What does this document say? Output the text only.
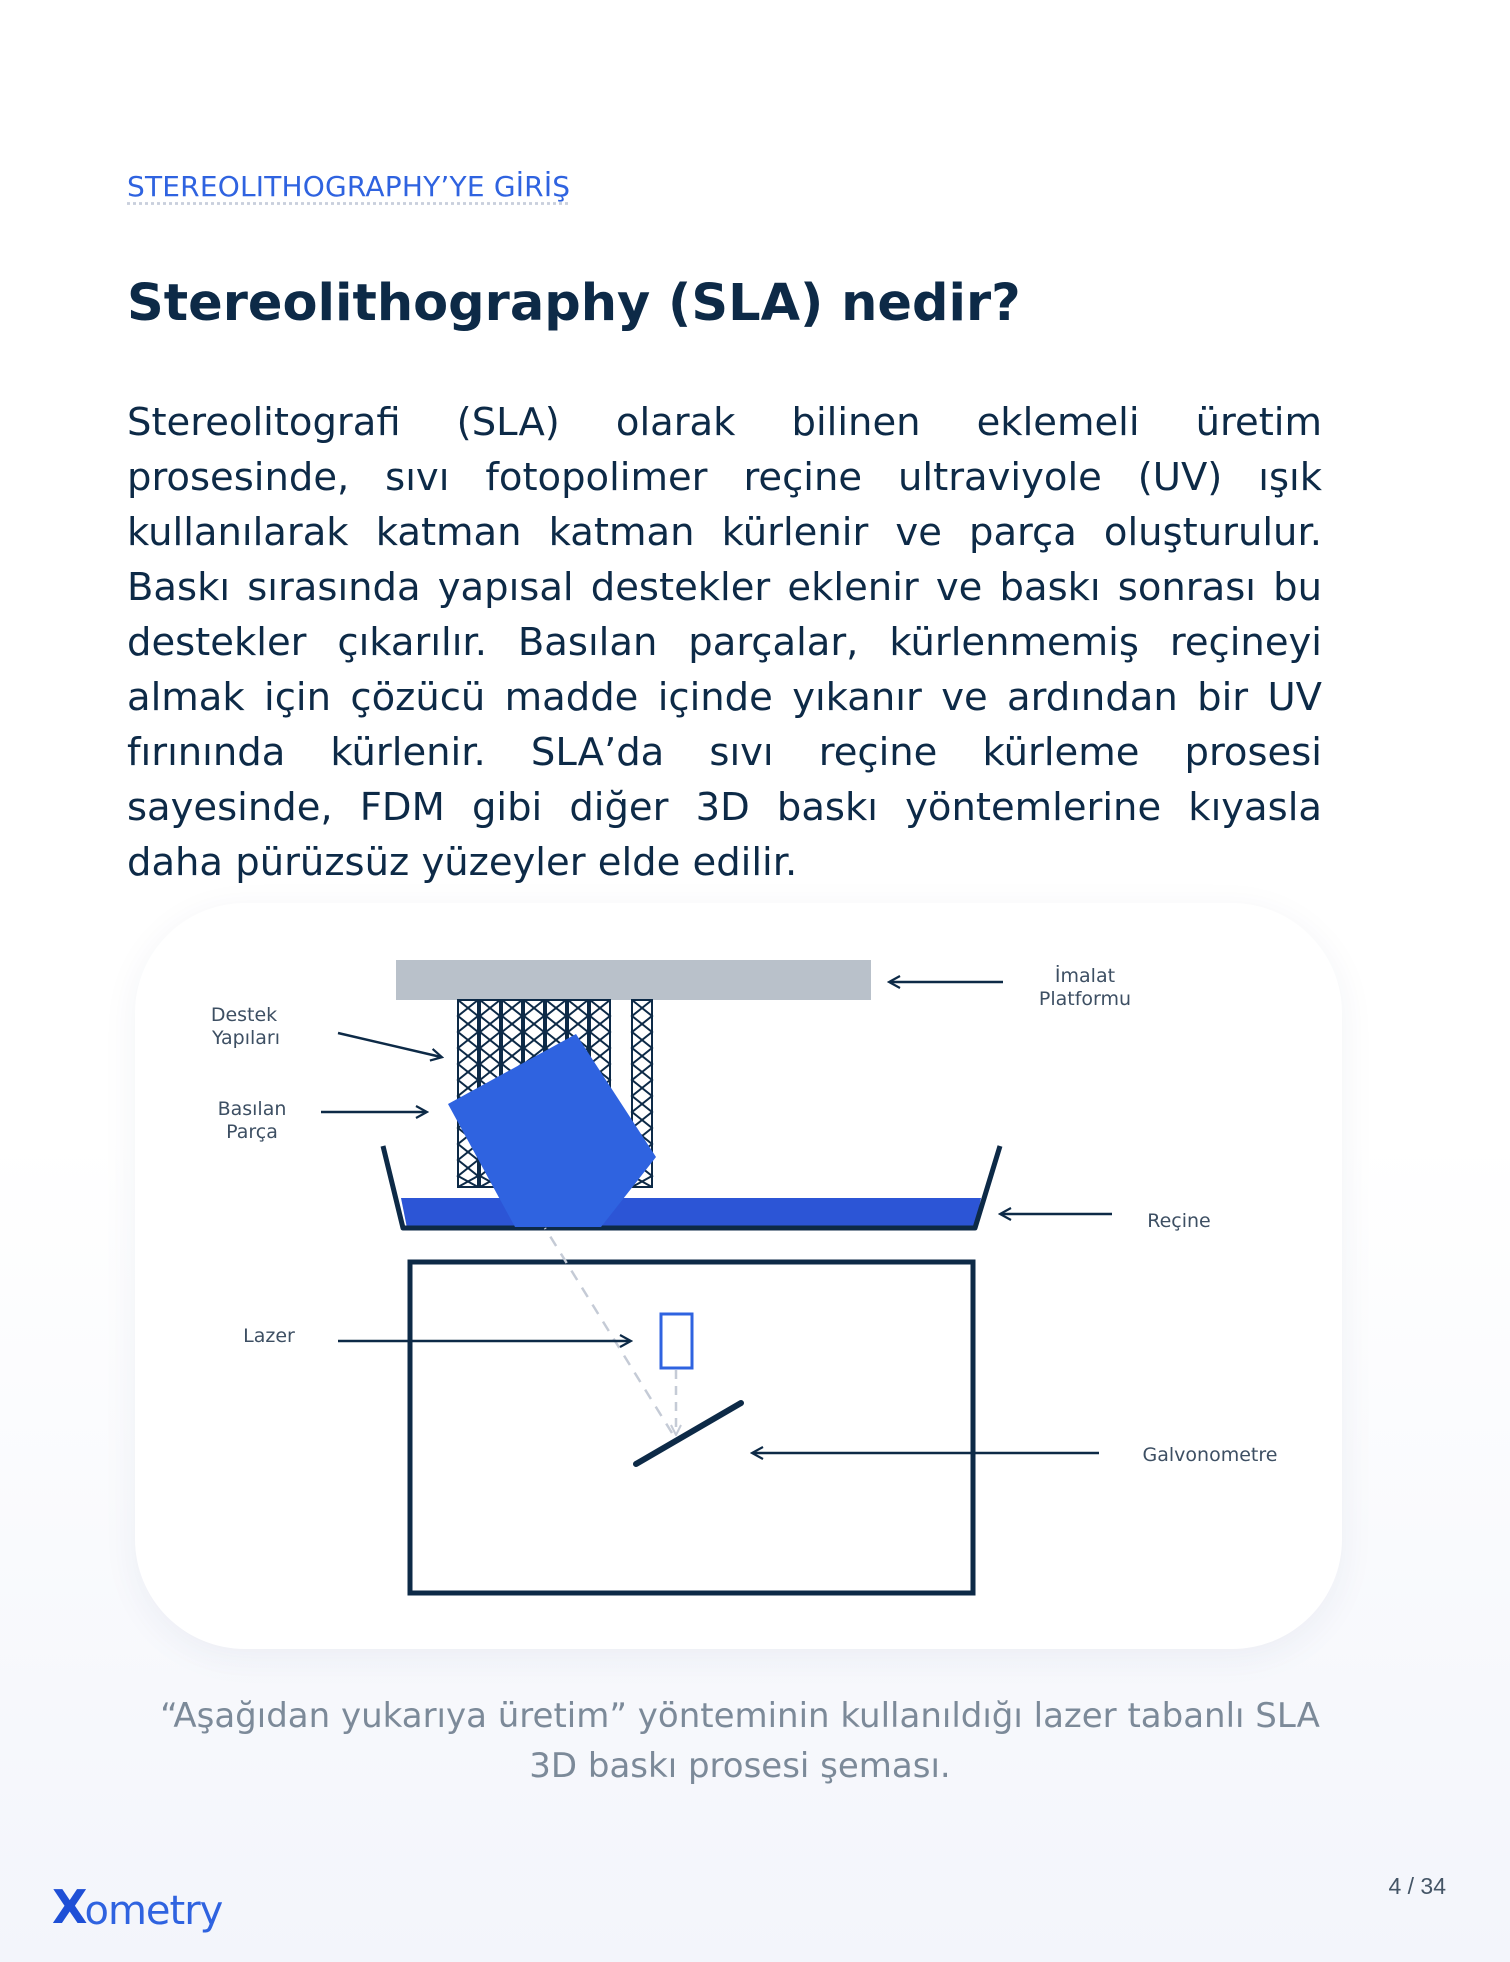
STEREOLITHOGRAPHY’YE GİRİŞ
Stereolithography (SLA) nedir?

Stereolitografi (SLA) olarak bilinen eklemeli üretim prosesinde, sıvı fotopolimer reçine ultraviyole (UV) ışık kullanılarak katman katman kürlenir ve parça oluşturulur. Baskı sırasında yapısal destekler eklenir ve baskı sonrası bu destekler çıkarılır. Basılan parçalar, kürlenmemiş reçineyi almak için çözücü madde içinde yıkanır ve ardından bir UV fırınında kürlenir. SLA’da sıvı reçine kürleme prosesi sayesinde, FDM gibi diğer 3D baskı yöntemlerine kıyasla daha pürüzsüz yüzeyler elde edilir.

İmalat
Platformu
Destek
Yapıları
Basılan
Parça
Reçine
Lazer
Galvonometre

“Aşağıdan yukarıya üretim” yönteminin kullanıldığı lazer tabanlı SLA
3D baskı prosesi şeması.

X
ometry
4 / 34
